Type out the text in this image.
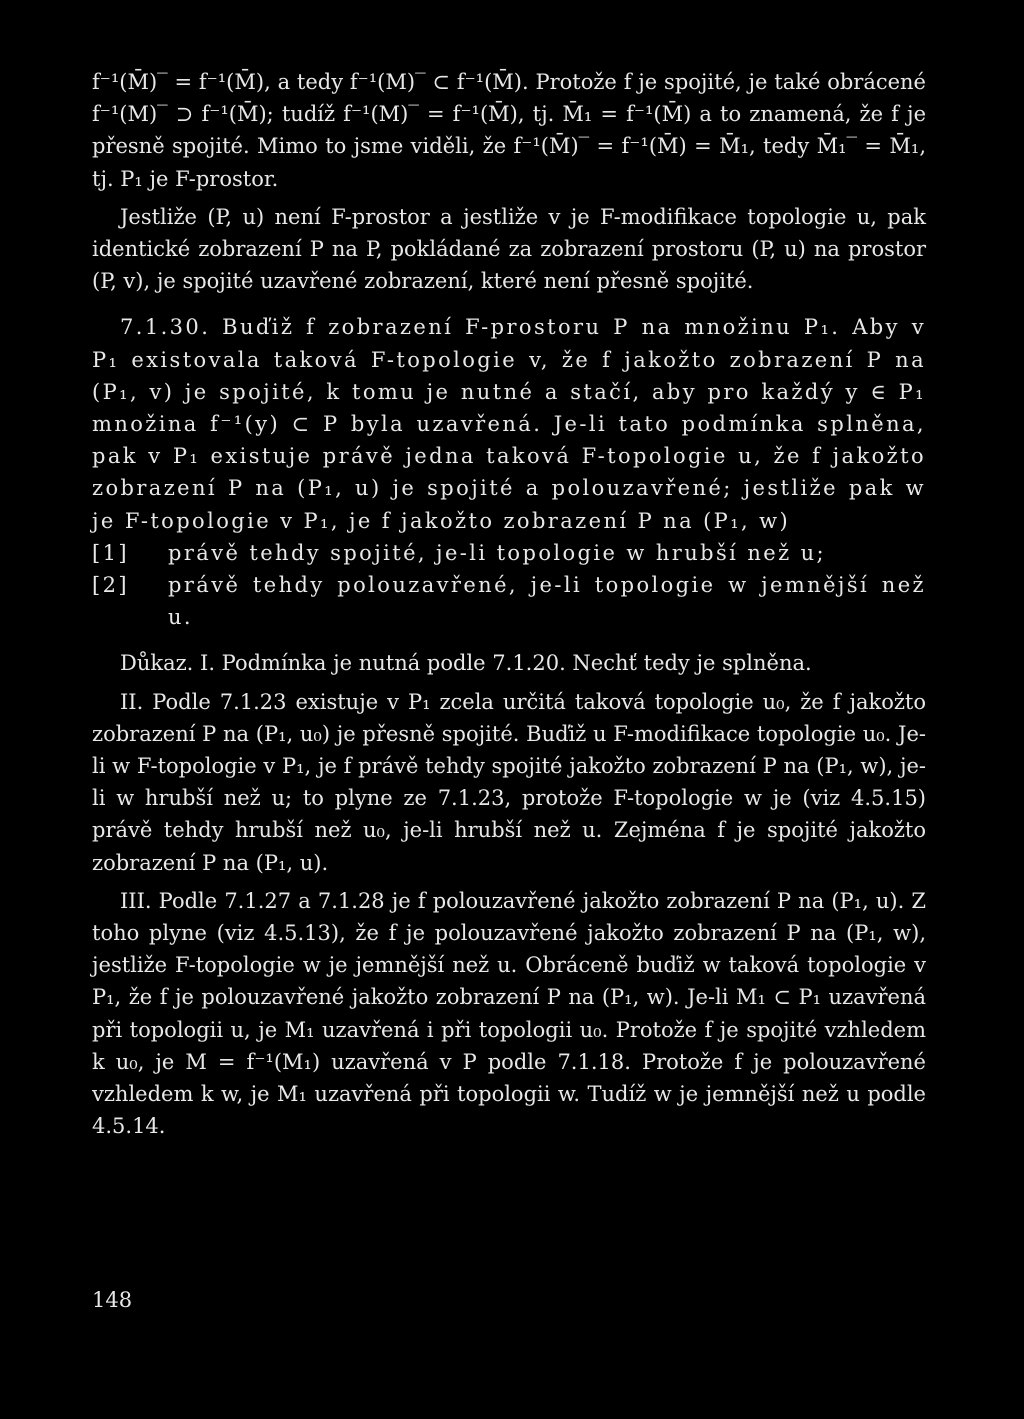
f⁻¹(M̄)‾ = f⁻¹(M̄), a tedy f⁻¹(M)‾ ⊂ f⁻¹(M̄). Protože f je spojité, je také obrácené f⁻¹(M)‾ ⊃ f⁻¹(M̄); tudíž f⁻¹(M)‾ = f⁻¹(M̄), tj. M̄₁ = f⁻¹(M̄) a to znamená, že f je přesně spojité. Mimo to jsme viděli, že f⁻¹(M̄)‾ = f⁻¹(M̄) = M̄₁, tedy M̄₁‾ = M̄₁, tj. P₁ je F-prostor.

Jestliže (P, u) není F-prostor a jestliže v je F-modifikace topologie u, pak identické zobrazení P na P, pokládané za zobrazení prostoru (P, u) na prostor (P, v), je spojité uzavřené zobrazení, které není přesně spojité.

7.1.30. Buďiž f zobrazení F-prostoru P na množinu P₁. Aby v P₁ existovala taková F-topologie v, že f jakožto zobrazení P na (P₁, v) je spojité, k tomu je nutné a stačí, aby pro každý y ∈ P₁ množina f⁻¹(y) ⊂ P byla uzavřená. Je-li tato podmínka splněna, pak v P₁ existuje právě jedna taková F-topologie u, že f jakožto zobrazení P na (P₁, u) je spojité a polouzavřené; jestliže pak w je F-topologie v P₁, je f jakožto zobrazení P na (P₁, w)

[1]	právě tehdy spojité, je-li topologie w hrubší než u;
[2]	právě tehdy polouzavřené, je-li topologie w jemnější než u.

Důkaz. I. Podmínka je nutná podle 7.1.20. Nechť tedy je splněna.

II. Podle 7.1.23 existuje v P₁ zcela určitá taková topologie u₀, že f jakožto zobrazení P na (P₁, u₀) je přesně spojité. Buďiž u F-modifikace topologie u₀. Je-li w F-topologie v P₁, je f právě tehdy spojité jakožto zobrazení P na (P₁, w), je-li w hrubší než u; to plyne ze 7.1.23, protože F-topologie w je (viz 4.5.15) právě tehdy hrubší než u₀, je-li hrubší než u. Zejména f je spojité jakožto zobrazení P na (P₁, u).

III. Podle 7.1.27 a 7.1.28 je f polouzavřené jakožto zobrazení P na (P₁, u). Z toho plyne (viz 4.5.13), že f je polouzavřené jakožto zobrazení P na (P₁, w), jestliže F-topologie w je jemnější než u. Obráceně buďiž w taková topologie v P₁, že f je polouzavřené jakožto zobrazení P na (P₁, w). Je-li M₁ ⊂ P₁ uzavřená při topologii u, je M₁ uzavřená i při topologii u₀. Protože f je spojité vzhledem k u₀, je M = f⁻¹(M₁) uzavřená v P podle 7.1.18. Protože f je polouzavřené vzhledem k w, je M₁ uzavřená při topologii w. Tudíž w je jemnější než u podle 4.5.14.

148
